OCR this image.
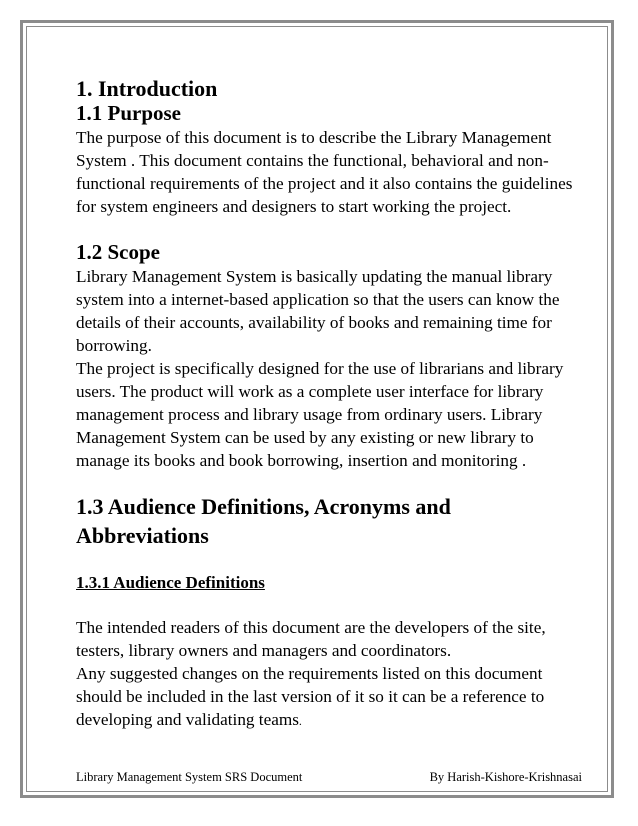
1. Introduction
1.1 Purpose

The purpose of this document is to describe the Library Management System . This document contains the functional, behavioral and non-functional requirements of the project and it also contains the guidelines for system engineers and designers to start working the project.

1.2 Scope

Library Management System is basically updating the manual library system into a internet-based application so that the users can know the details of their accounts, availability of books and remaining time for borrowing.

The project is specifically designed for the use of librarians and library users. The product will work as a complete user interface for library management process and library usage from ordinary users. Library Management System can be used by any existing or new library to manage its books and book borrowing, insertion and monitoring .

1.3 Audience Definitions, Acronyms and Abbreviations
1.3.1 Audience Definitions

The intended readers of this document are the developers of the site, testers, library owners and managers and coordinators.

Any suggested changes on the requirements listed on this document should be included in the last version of it so it can be a reference to developing and validating teams.

Library Management System SRS Document	By Harish-Kishore-Krishnasai
